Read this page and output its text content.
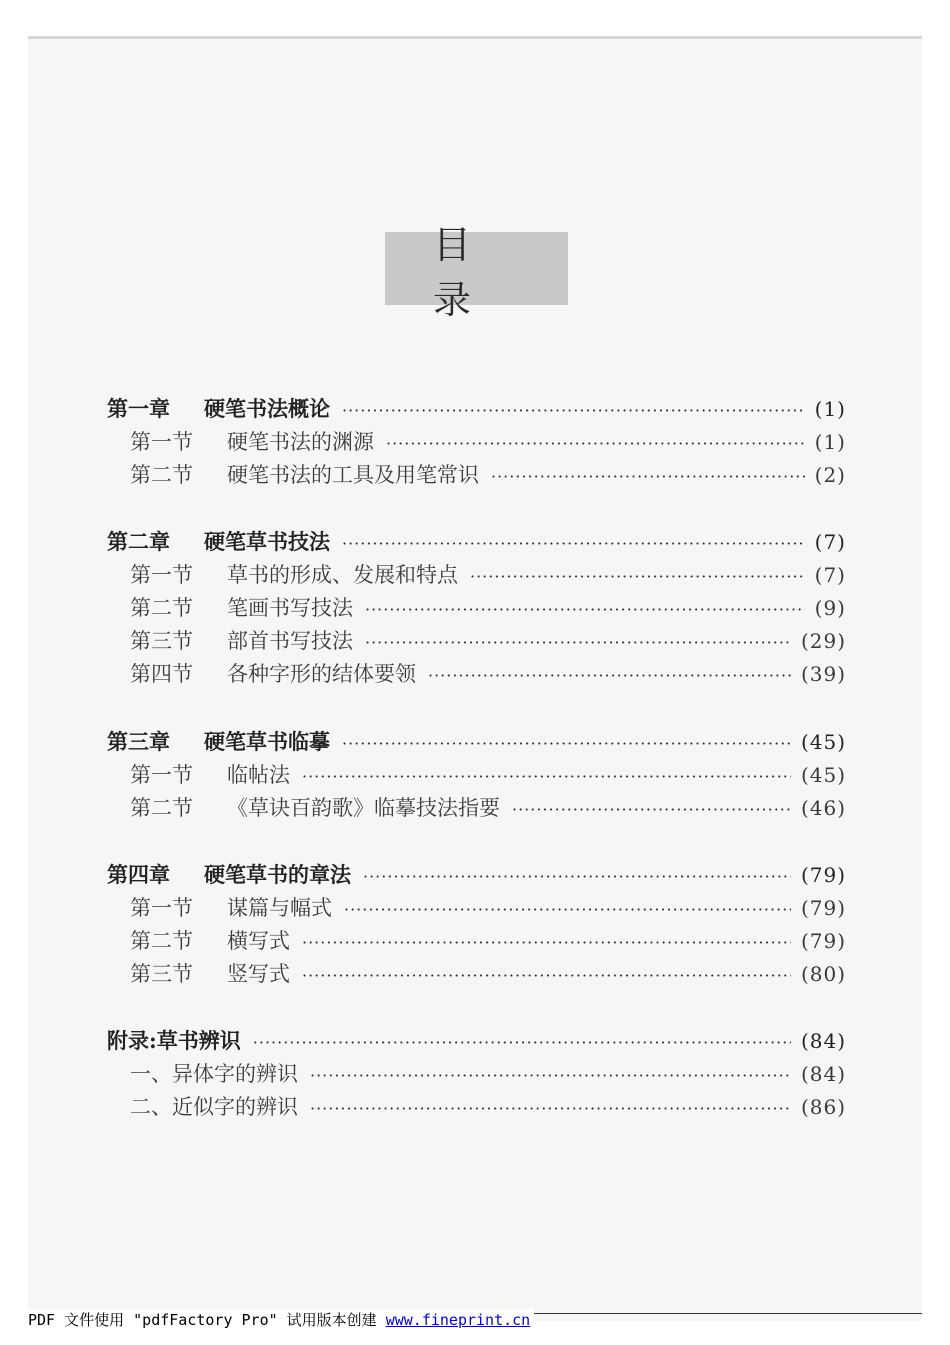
目 录
第一章	硬笔书法概论 ·····	(1)
第一节	硬笔书法的渊源 ·····	(1)
第二节	硬笔书法的工具及用笔常识 ·····	(2)
第二章	硬笔草书技法 ·····	(7)
第一节	草书的形成、发展和特点 ·····	(7)
第二节	笔画书写技法 ·····	(9)
第三节	部首书写技法 ·····	(29)
第四节	各种字形的结体要领 ·····	(39)
第三章	硬笔草书临摹 ·····	(45)
第一节	临帖法 ·····	(45)
第二节	《草诀百韵歌》临摹技法指要 ·····	(46)
第四章	硬笔草书的章法 ·····	(79)
第一节	谋篇与幅式 ·····	(79)
第二节	横写式 ·····	(79)
第三节	竖写式 ·····	(80)
附录:草书辨识 ·····	(84)
一、异体字的辨识 ·····	(84)
二、近似字的辨识 ·····	(86)
PDF 文件使用 "pdfFactory Pro" 试用版本创建 www.fineprint.cn
